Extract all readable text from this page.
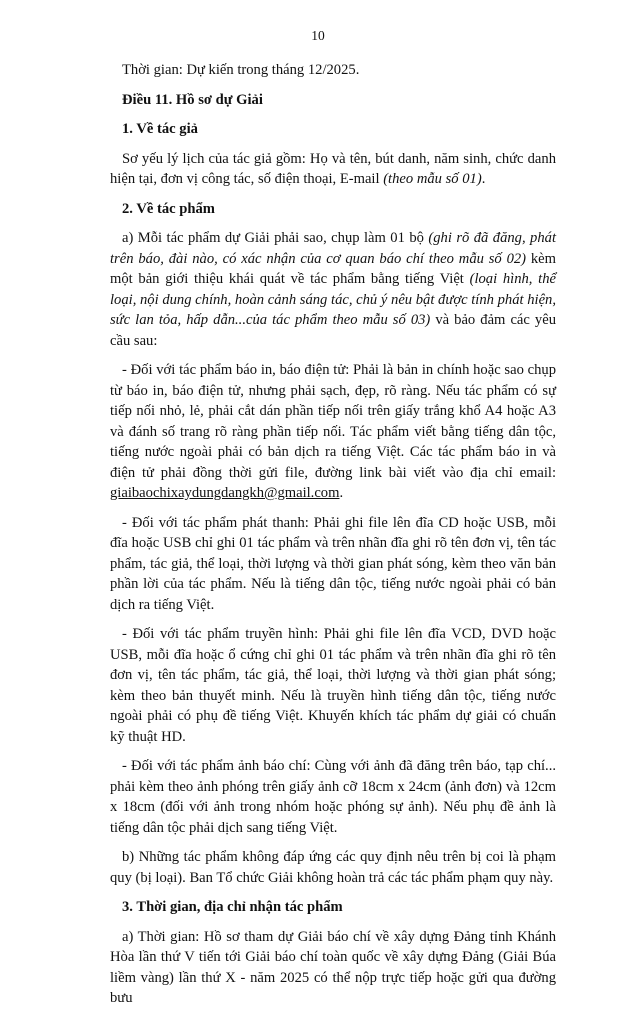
10

Thời gian: Dự kiến trong tháng 12/2025.

Điều 11. Hồ sơ dự Giải

1. Về tác giả

Sơ yếu lý lịch của tác giả gồm: Họ và tên, bút danh, năm sinh, chức danh hiện tại, đơn vị công tác, số điện thoại, E-mail (theo mẫu số 01).

2. Về tác phẩm

a) Mỗi tác phẩm dự Giải phải sao, chụp làm 01 bộ (ghi rõ đã đăng, phát trên báo, đài nào, có xác nhận của cơ quan báo chí theo mẫu số 02) kèm một bản giới thiệu khái quát về tác phẩm bằng tiếng Việt (loại hình, thể loại, nội dung chính, hoàn cảnh sáng tác, chủ ý nêu bật được tính phát hiện, sức lan tỏa, hấp dẫn...của tác phẩm theo mẫu số 03) và bảo đảm các yêu cầu sau:

- Đối với tác phẩm báo in, báo điện tử: Phải là bản in chính hoặc sao chụp từ báo in, báo điện tử, nhưng phải sạch, đẹp, rõ ràng. Nếu tác phẩm có sự tiếp nối nhỏ, lẻ, phải cắt dán phần tiếp nối trên giấy trắng khổ A4 hoặc A3 và đánh số trang rõ ràng phần tiếp nối. Tác phẩm viết bằng tiếng dân tộc, tiếng nước ngoài phải có bản dịch ra tiếng Việt. Các tác phẩm báo in và điện tử phải đồng thời gửi file, đường link bài viết vào địa chỉ email: giaibaochixaydungdangkh@gmail.com.

- Đối với tác phẩm phát thanh: Phải ghi file lên đĩa CD hoặc USB, mỗi đĩa hoặc USB chỉ ghi 01 tác phẩm và trên nhãn đĩa ghi rõ tên đơn vị, tên tác phẩm, tác giả, thể loại, thời lượng và thời gian phát sóng, kèm theo văn bản phần lời của tác phẩm. Nếu là tiếng dân tộc, tiếng nước ngoài phải có bản dịch ra tiếng Việt.

- Đối với tác phẩm truyền hình: Phải ghi file lên đĩa VCD, DVD hoặc USB, mỗi đĩa hoặc ổ cứng chỉ ghi 01 tác phẩm và trên nhãn đĩa ghi rõ tên đơn vị, tên tác phẩm, tác giả, thể loại, thời lượng và thời gian phát sóng; kèm theo bản thuyết minh. Nếu là truyền hình tiếng dân tộc, tiếng nước ngoài phải có phụ đề tiếng Việt. Khuyến khích tác phẩm dự giải có chuẩn kỹ thuật HD.

- Đối với tác phẩm ảnh báo chí: Cùng với ảnh đã đăng trên báo, tạp chí... phải kèm theo ảnh phóng trên giấy ảnh cỡ 18cm x 24cm (ảnh đơn) và 12cm x 18cm (đối với ảnh trong nhóm hoặc phóng sự ảnh). Nếu phụ đề ảnh là tiếng dân tộc phải dịch sang tiếng Việt.

b) Những tác phẩm không đáp ứng các quy định nêu trên bị coi là phạm quy (bị loại). Ban Tổ chức Giải không hoàn trả các tác phẩm phạm quy này.

3. Thời gian, địa chỉ nhận tác phẩm

a) Thời gian: Hồ sơ tham dự Giải báo chí về xây dựng Đảng tỉnh Khánh Hòa lần thứ V tiến tới Giải báo chí toàn quốc về xây dựng Đảng (Giải Búa liềm vàng) lần thứ X - năm 2025 có thể nộp trực tiếp hoặc gửi qua đường bưu
